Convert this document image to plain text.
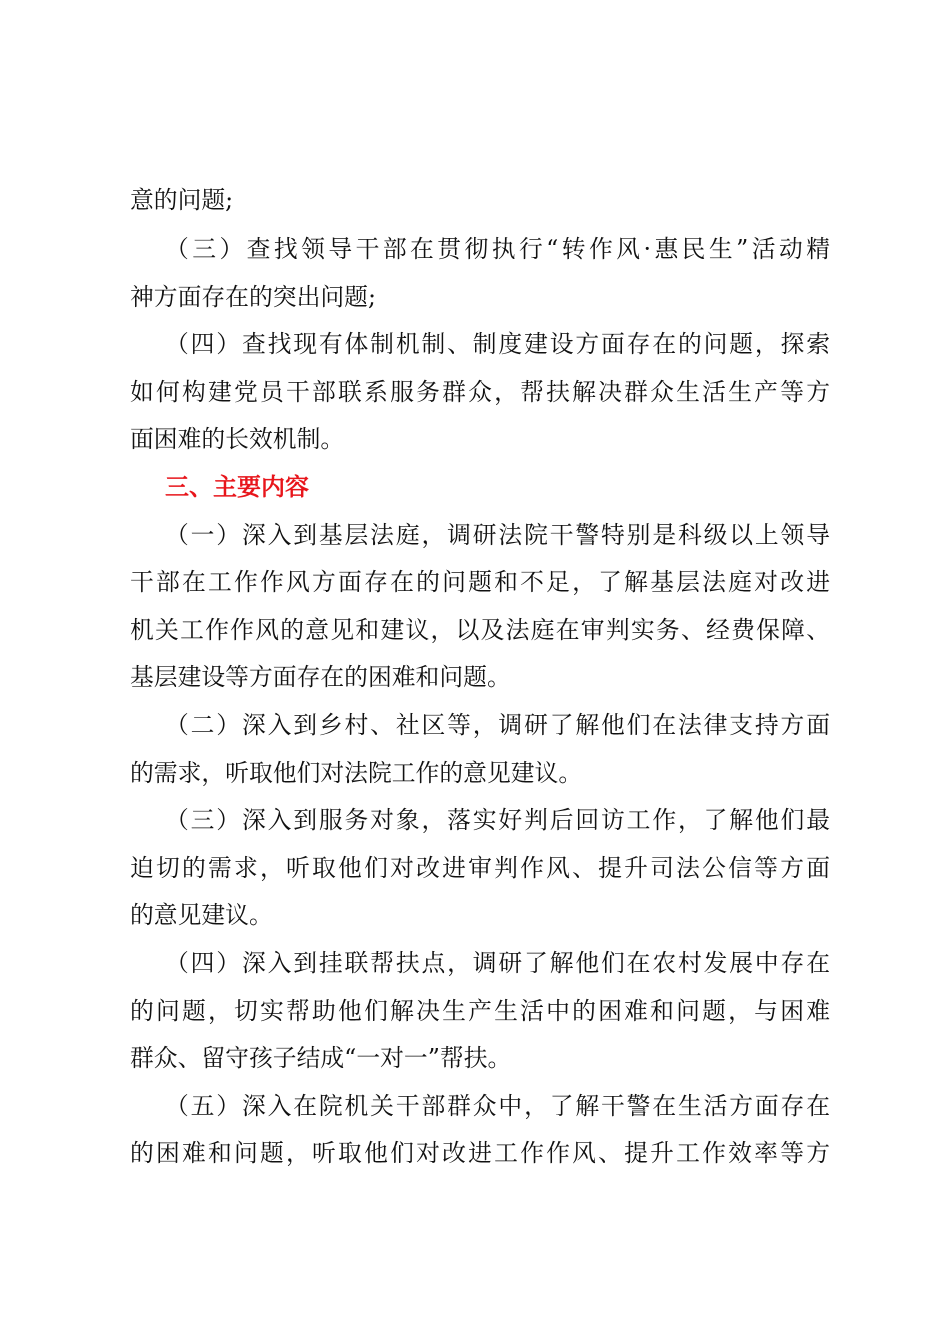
意的问题;
（三）查找领导干部在贯彻执行“转作风·惠民生”活动精
神方面存在的突出问题;
（四）查找现有体制机制、制度建设方面存在的问题，探索
如何构建党员干部联系服务群众，帮扶解决群众生活生产等方
面困难的长效机制。
三、主要内容
（一）深入到基层法庭，调研法院干警特别是科级以上领导
干部在工作作风方面存在的问题和不足，了解基层法庭对改进
机关工作作风的意见和建议，以及法庭在审判实务、经费保障、
基层建设等方面存在的困难和问题。
（二）深入到乡村、社区等，调研了解他们在法律支持方面
的需求，听取他们对法院工作的意见建议。
（三）深入到服务对象，落实好判后回访工作，了解他们最
迫切的需求，听取他们对改进审判作风、提升司法公信等方面
的意见建议。
（四）深入到挂联帮扶点，调研了解他们在农村发展中存在
的问题，切实帮助他们解决生产生活中的困难和问题，与困难
群众、留守孩子结成“一对一”帮扶。
（五）深入在院机关干部群众中，了解干警在生活方面存在
的困难和问题，听取他们对改进工作作风、提升工作效率等方
